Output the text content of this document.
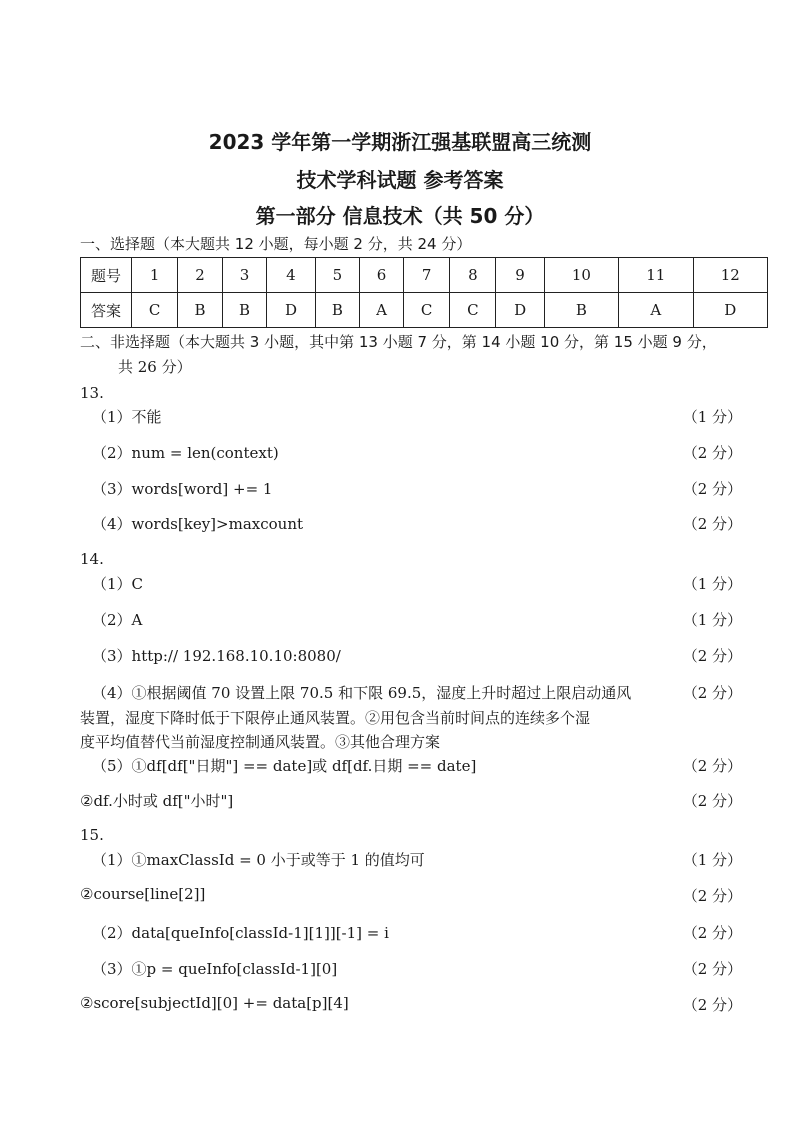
2023 学年第一学期浙江强基联盟高三统测
技术学科试题 参考答案
第一部分 信息技术（共 50 分）
一、选择题（本大题共 12 小题，每小题 2 分，共 24 分）
题号	1	2	3	4	5	6	7	8	9	10	11	12
答案	C	B	B	D	B	A	C	C	D	B	A	D
二、非选择题（本大题共 3 小题，其中第 13 小题 7 分，第 14 小题 10 分，第 15 小题 9 分，
共 26 分）
13.
（1）不能	（1 分）
（2）num = len(context)	（2 分）
（3）words[word] += 1	（2 分）
（4）words[key]>maxcount	（2 分）
14.
（1）C	（1 分）
（2）A	（1 分）
（3）http:// 192.168.10.10:8080/	（2 分）
（4）①根据阈值 70 设置上限 70.5 和下限 69.5，湿度上升时超过上限启动通风	（2 分）
装置，湿度下降时低于下限停止通风装置。②用包含当前时间点的连续多个湿
度平均值替代当前湿度控制通风装置。③其他合理方案
（5）①df[df["日期"] == date]或 df[df.日期 == date]	（2 分）
②df.小时或 df["小时"]	（2 分）
15.
（1）①maxClassId = 0 小于或等于 1 的值均可	（1 分）
②course[line[2]]	（2 分）
（2）data[queInfo[classId-1][1]][-1] = i	（2 分）
（3）①p = queInfo[classId-1][0]	（2 分）
②score[subjectId][0] += data[p][4]	（2 分）
